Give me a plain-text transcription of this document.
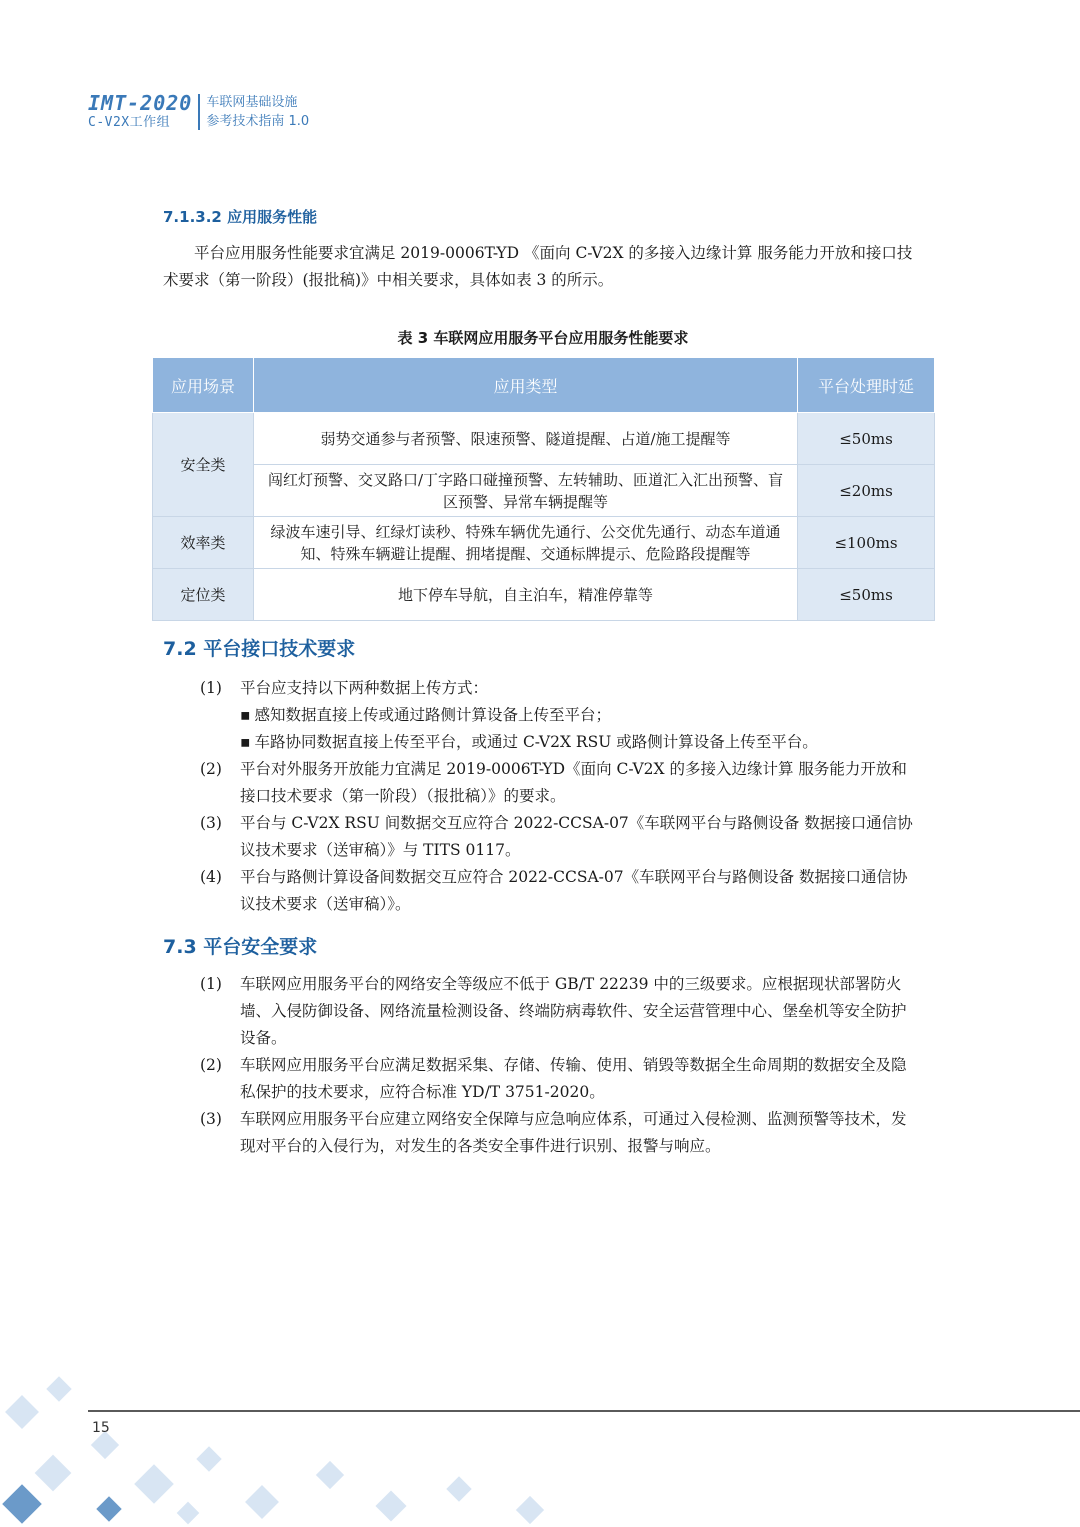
IMT-2020
C-V2X工作组
车联网基础设施
参考技术指南 1.0
7.1.3.2 应用服务性能
平台应用服务性能要求宜满足 2019-0006T-YD 《面向 C-V2X 的多接入边缘计算 服务能力开放和接口技术要求（第一阶段）(报批稿)》中相关要求，具体如表 3 的所示。
表 3 车联网应用服务平台应用服务性能要求
应用场景	应用类型	平台处理时延
安全类	弱势交通参与者预警、限速预警、隧道提醒、占道/施工提醒等	≤50ms
	闯红灯预警、交叉路口/丁字路口碰撞预警、左转辅助、匝道汇入汇出预警、盲区预警、异常车辆提醒等	≤20ms
效率类	绿波车速引导、红绿灯读秒、特殊车辆优先通行、公交优先通行、动态车道通知、特殊车辆避让提醒、拥堵提醒、交通标牌提示、危险路段提醒等	≤100ms
定位类	地下停车导航，自主泊车，精准停靠等	≤50ms
7.2 平台接口技术要求
(1)	平台应支持以下两种数据上传方式：
▪ 感知数据直接上传或通过路侧计算设备上传至平台；
▪ 车路协同数据直接上传至平台，或通过 C-V2X RSU 或路侧计算设备上传至平台。
(2)	平台对外服务开放能力宜满足 2019-0006T-YD《面向 C-V2X 的多接入边缘计算 服务能力开放和接口技术要求（第一阶段）（报批稿）》的要求。
(3)	平台与 C-V2X RSU 间数据交互应符合 2022-CCSA-07《车联网平台与路侧设备 数据接口通信协议技术要求（送审稿）》与 TITS 0117。
(4)	平台与路侧计算设备间数据交互应符合 2022-CCSA-07《车联网平台与路侧设备 数据接口通信协议技术要求（送审稿）》。
7.3 平台安全要求
(1)	车联网应用服务平台的网络安全等级应不低于 GB/T 22239 中的三级要求。应根据现状部署防火墙、入侵防御设备、网络流量检测设备、终端防病毒软件、安全运营管理中心、堡垒机等安全防护设备。
(2)	车联网应用服务平台应满足数据采集、存储、传输、使用、销毁等数据全生命周期的数据安全及隐私保护的技术要求，应符合标准 YD/T 3751-2020。
(3)	车联网应用服务平台应建立网络安全保障与应急响应体系，可通过入侵检测、监测预警等技术，发现对平台的入侵行为，对发生的各类安全事件进行识别、报警与响应。
15
